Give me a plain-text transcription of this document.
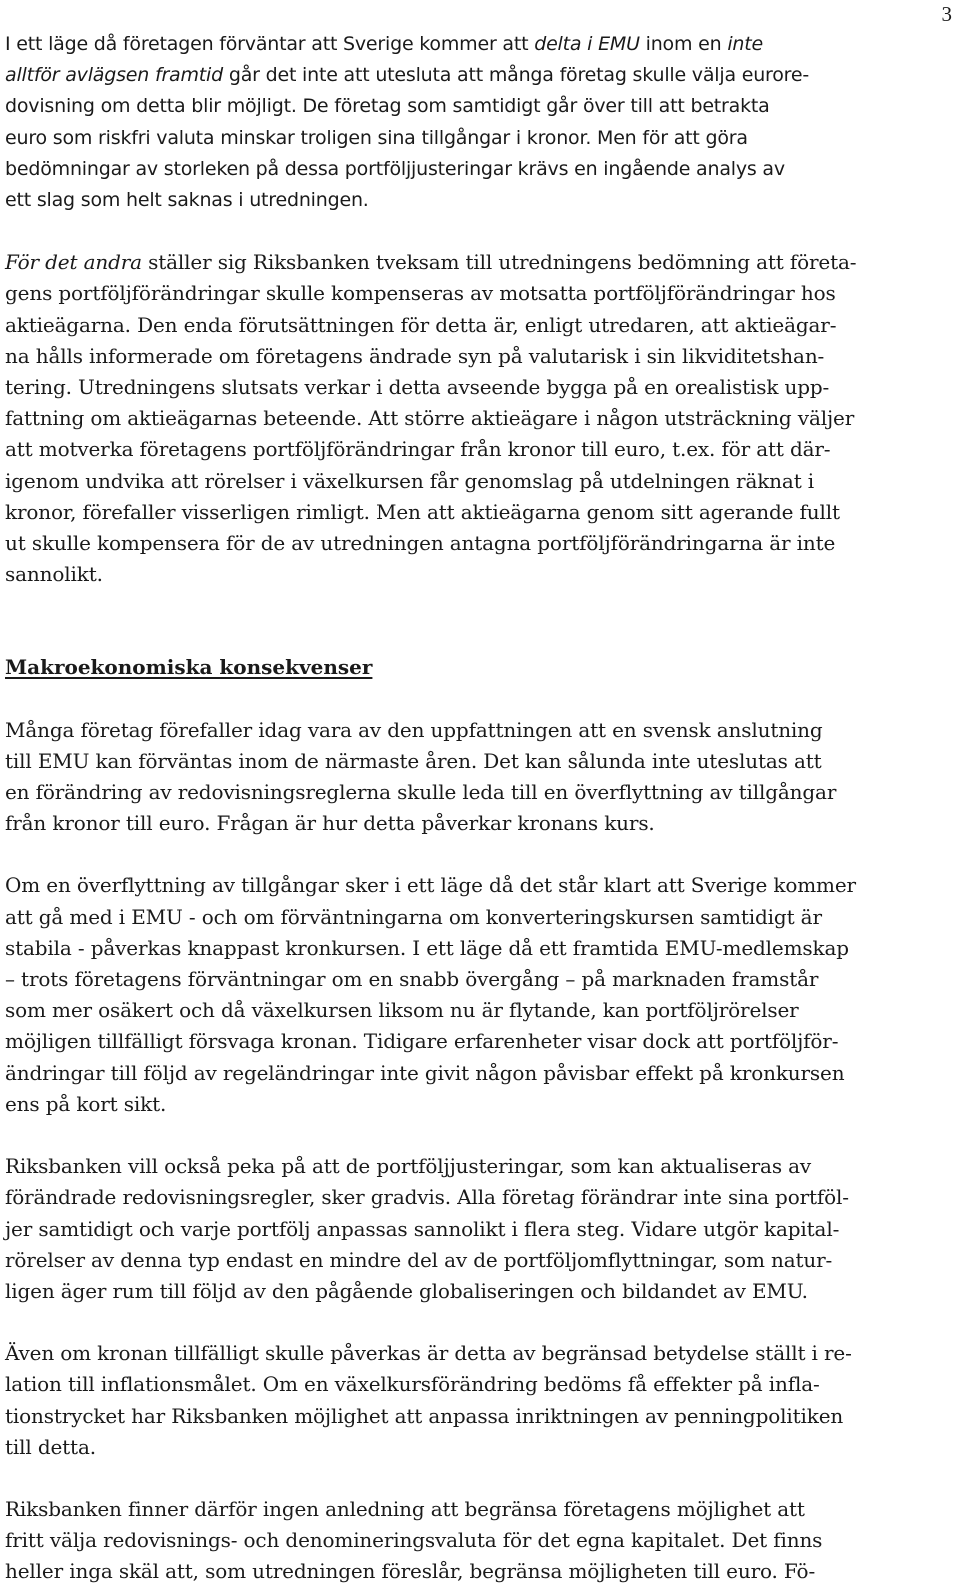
3
I ett läge då företagen förväntar att Sverige kommer att delta i EMU inom en inte
alltför avlägsen framtid går det inte att utesluta att många företag skulle välja eurore-
dovisning om detta blir möjligt. De företag som samtidigt går över till att betrakta
euro som riskfri valuta minskar troligen sina tillgångar i kronor. Men för att göra
bedömningar av storleken på dessa portföljjusteringar krävs en ingående analys av
ett slag som helt saknas i utredningen.
För det andra ställer sig Riksbanken tveksam till utredningens bedömning att företa-
gens portföljförändringar skulle kompenseras av motsatta portföljförändringar hos
aktieägarna. Den enda förutsättningen för detta är, enligt utredaren, att aktieägar-
na hålls informerade om företagens ändrade syn på valutarisk i sin likviditetshan-
tering. Utredningens slutsats verkar i detta avseende bygga på en orealistisk upp-
fattning om aktieägarnas beteende. Att större aktieägare i någon utsträckning väljer
att motverka företagens portföljförändringar från kronor till euro, t.ex. för att där-
igenom undvika att rörelser i växelkursen får genomslag på utdelningen räknat i
kronor, förefaller visserligen rimligt. Men att aktieägarna genom sitt agerande fullt
ut skulle kompensera för de av utredningen antagna portföljförändringarna är inte
sannolikt.
Makroekonomiska konsekvenser
Många företag förefaller idag vara av den uppfattningen att en svensk anslutning
till EMU kan förväntas inom de närmaste åren. Det kan sålunda inte uteslutas att
en förändring av redovisningsreglerna skulle leda till en överflyttning av tillgångar
från kronor till euro. Frågan är hur detta påverkar kronans kurs.
Om en överflyttning av tillgångar sker i ett läge då det står klart att Sverige kommer
att gå med i EMU - och om förväntningarna om konverteringskursen samtidigt är
stabila - påverkas knappast kronkursen. I ett läge då ett framtida EMU-medlemskap
– trots företagens förväntningar om en snabb övergång – på marknaden framstår
som mer osäkert och då växelkursen liksom nu är flytande, kan portföljrörelser
möjligen tillfälligt försvaga kronan. Tidigare erfarenheter visar dock att portföljför-
ändringar till följd av regeländringar inte givit någon påvisbar effekt på kronkursen
ens på kort sikt.
Riksbanken vill också peka på att de portföljjusteringar, som kan aktualiseras av
förändrade redovisningsregler, sker gradvis. Alla företag förändrar inte sina portföl-
jer samtidigt och varje portfölj anpassas sannolikt i flera steg. Vidare utgör kapital-
rörelser av denna typ endast en mindre del av de portföljomflyttningar, som natur-
ligen äger rum till följd av den pågående globaliseringen och bildandet av EMU.
Även om kronan tillfälligt skulle påverkas är detta av begränsad betydelse ställt i re-
lation till inflationsmålet. Om en växelkursförändring bedöms få effekter på infla-
tionstrycket har Riksbanken möjlighet att anpassa inriktningen av penningpolitiken
till detta.
Riksbanken finner därför ingen anledning att begränsa företagens möjlighet att
fritt välja redovisnings- och denomineringsvaluta för det egna kapitalet. Det finns
heller inga skäl att, som utredningen föreslår, begränsa möjligheten till euro. Fö-
